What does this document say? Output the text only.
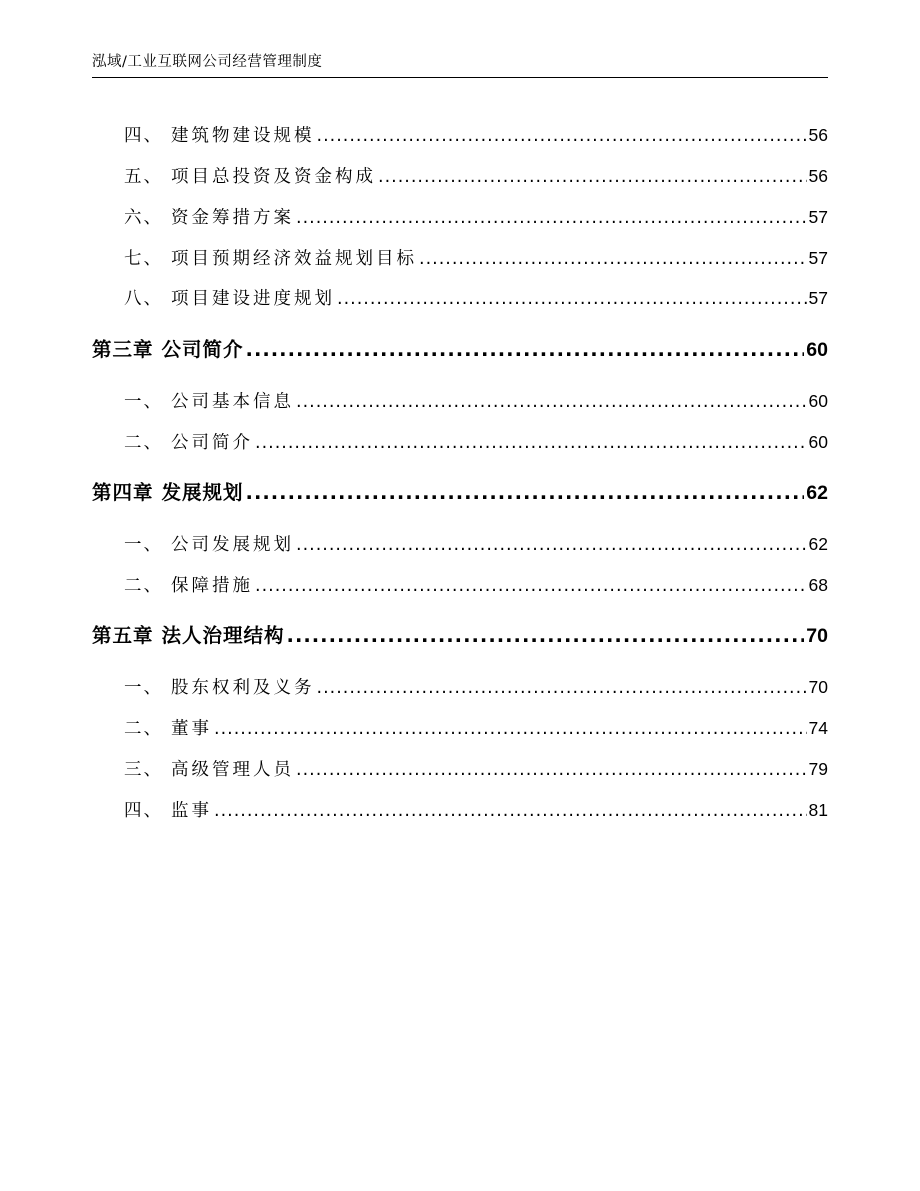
泓域/工业互联网公司经营管理制度
四、 建筑物建设规模 .....	56
五、 项目总投资及资金构成 .....	56
六、 资金筹措方案 .....	57
七、 项目预期经济效益规划目标 .....	57
八、 项目建设进度规划 .....	57
第三章 公司简介 .....	60
一、 公司基本信息 .....	60
二、 公司简介 .....	60
第四章 发展规划 .....	62
一、 公司发展规划 .....	62
二、 保障措施 .....	68
第五章 法人治理结构 .....	70
一、 股东权利及义务 .....	70
二、 董事 .....	74
三、 高级管理人员 .....	79
四、 监事 .....	81
